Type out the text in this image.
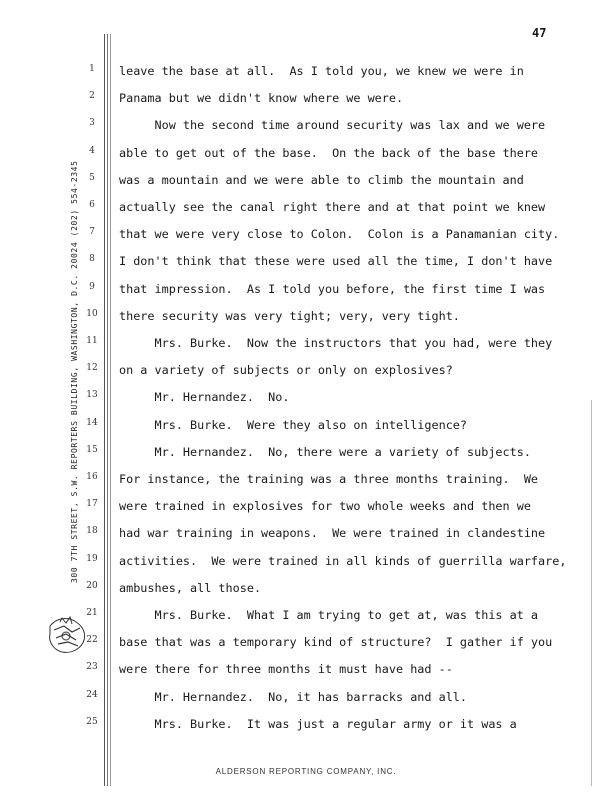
47
300 7TH STREET, S.W. REPORTERS BUILDING, WASHINGTON, D.C. 20024 (202) 554-2345
1
2
3
4
5
6
7
8
9
10
11
12
13
14
15
16
17
18
19
20
21
22
23
24
25
leave the base at all.  As I told you, we knew we were in
Panama but we didn't know where we were.
Now the second time around security was lax and we were
able to get out of the base.  On the back of the base there
was a mountain and we were able to climb the mountain and
actually see the canal right there and at that point we knew
that we were very close to Colon.  Colon is a Panamanian city.
I don't think that these were used all the time, I don't have
that impression.  As I told you before, the first time I was
there security was very tight; very, very tight.
Mrs. Burke.  Now the instructors that you had, were they
on a variety of subjects or only on explosives?
Mr. Hernandez.  No.
Mrs. Burke.  Were they also on intelligence?
Mr. Hernandez.  No, there were a variety of subjects.
For instance, the training was a three months training.  We
were trained in explosives for two whole weeks and then we
had war training in weapons.  We were trained in clandestine
activities.  We were trained in all kinds of guerrilla warfare,
ambushes, all those.
Mrs. Burke.  What I am trying to get at, was this at a
base that was a temporary kind of structure?  I gather if you
were there for three months it must have had --
Mr. Hernandez.  No, it has barracks and all.
Mrs. Burke.  It was just a regular army or it was a
ALDERSON REPORTING COMPANY, INC.
